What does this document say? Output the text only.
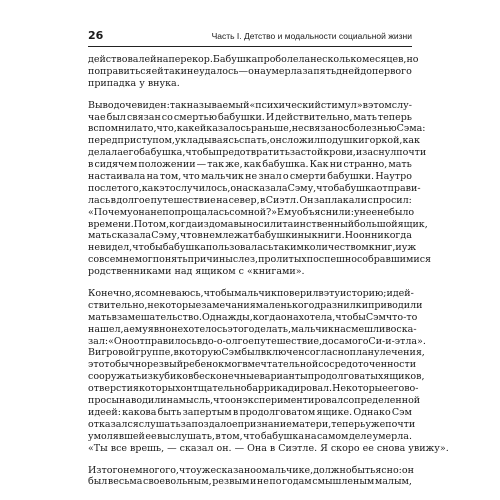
26	Часть I. Детство и модальности социальной жизни
действовал ей наперекор. Бабушка проболела несколько месяцев, но
поправиться ей так и не удалось — она умерла за пять дней до первого
припадка у внука.
Вывод очевиден: так называемый «психический стимул» в этом слу-
чае был связан со смертью бабушки. И действительно, мать теперь
вспомнила то, что, как ей казалось раньше, не связано с болезнью Сэма:
перед приступом, укладываясь спать, он сложил подушки горкой, как
делала его бабушка, чтобы предотвратить застой крови, и заснул почти
в сидячем положении — так же, как бабушка. Как ни странно, мать
настаивала на том, что мальчик не знал о смерти бабушки. Наутро
после того, как это случилось, она сказала Сэму, что бабушка отправи-
лась в долгое путешествие на север, в Сиэтл. Он заплакал и спросил:
«Почему она не попрощалась со мной?» Ему объяснили: у нее не было
времени. Потом, когда из дома выносили таинственный большой ящик,
мать сказала Сэму, что в нем лежат бабушкины книги. Но он никогда
не видел, чтобы бабушка пользовалась таким количеством книг, и уж
совсем не мог понять причины слез, пролитых поспешно собравшимися
родственниками над ящиком с «книгами».
Конечно, я сомневаюсь, чтобы мальчик поверил в эту историю; и дей-
ствительно, некоторые замечания маленького дразнилки приводили
мать в замешательство. Однажды, когда она хотела, чтобы Сэм что-то
нашел, а ему явно не хотелось этого делать, мальчик насмешливо ска-
зал: «Оно отправилось в до-о-олгое путешествие, до самого Си-и-этла».
В игровой группе, в которую Сэм был включен согласно плану лечения,
этот обычно резвый ребенок мог в мечтательной сосредоточенности
сооружать из кубиков бесконечные варианты продолговатых ящиков,
отверстия которых он тщательно баррикадировал. Некоторые его во-
просы наводили на мысль, что он экспериментировал с определенной
идеей: какова быть запертым в продолговатом ящике. Однако Сэм
отказался слушать запоздалое признание матери, теперь уже почти
умолявшей ее выслушать, в том, что бабушка на самом деле умерла.
«Ты все врешь, — сказал он. — Она в Сиэтле. Я скоро ее снова увижу».
Из того немногого, что уже сказано о мальчике, должно быть ясно: он
был весьма своевольным, резвым и не по годам смышленым малым,
